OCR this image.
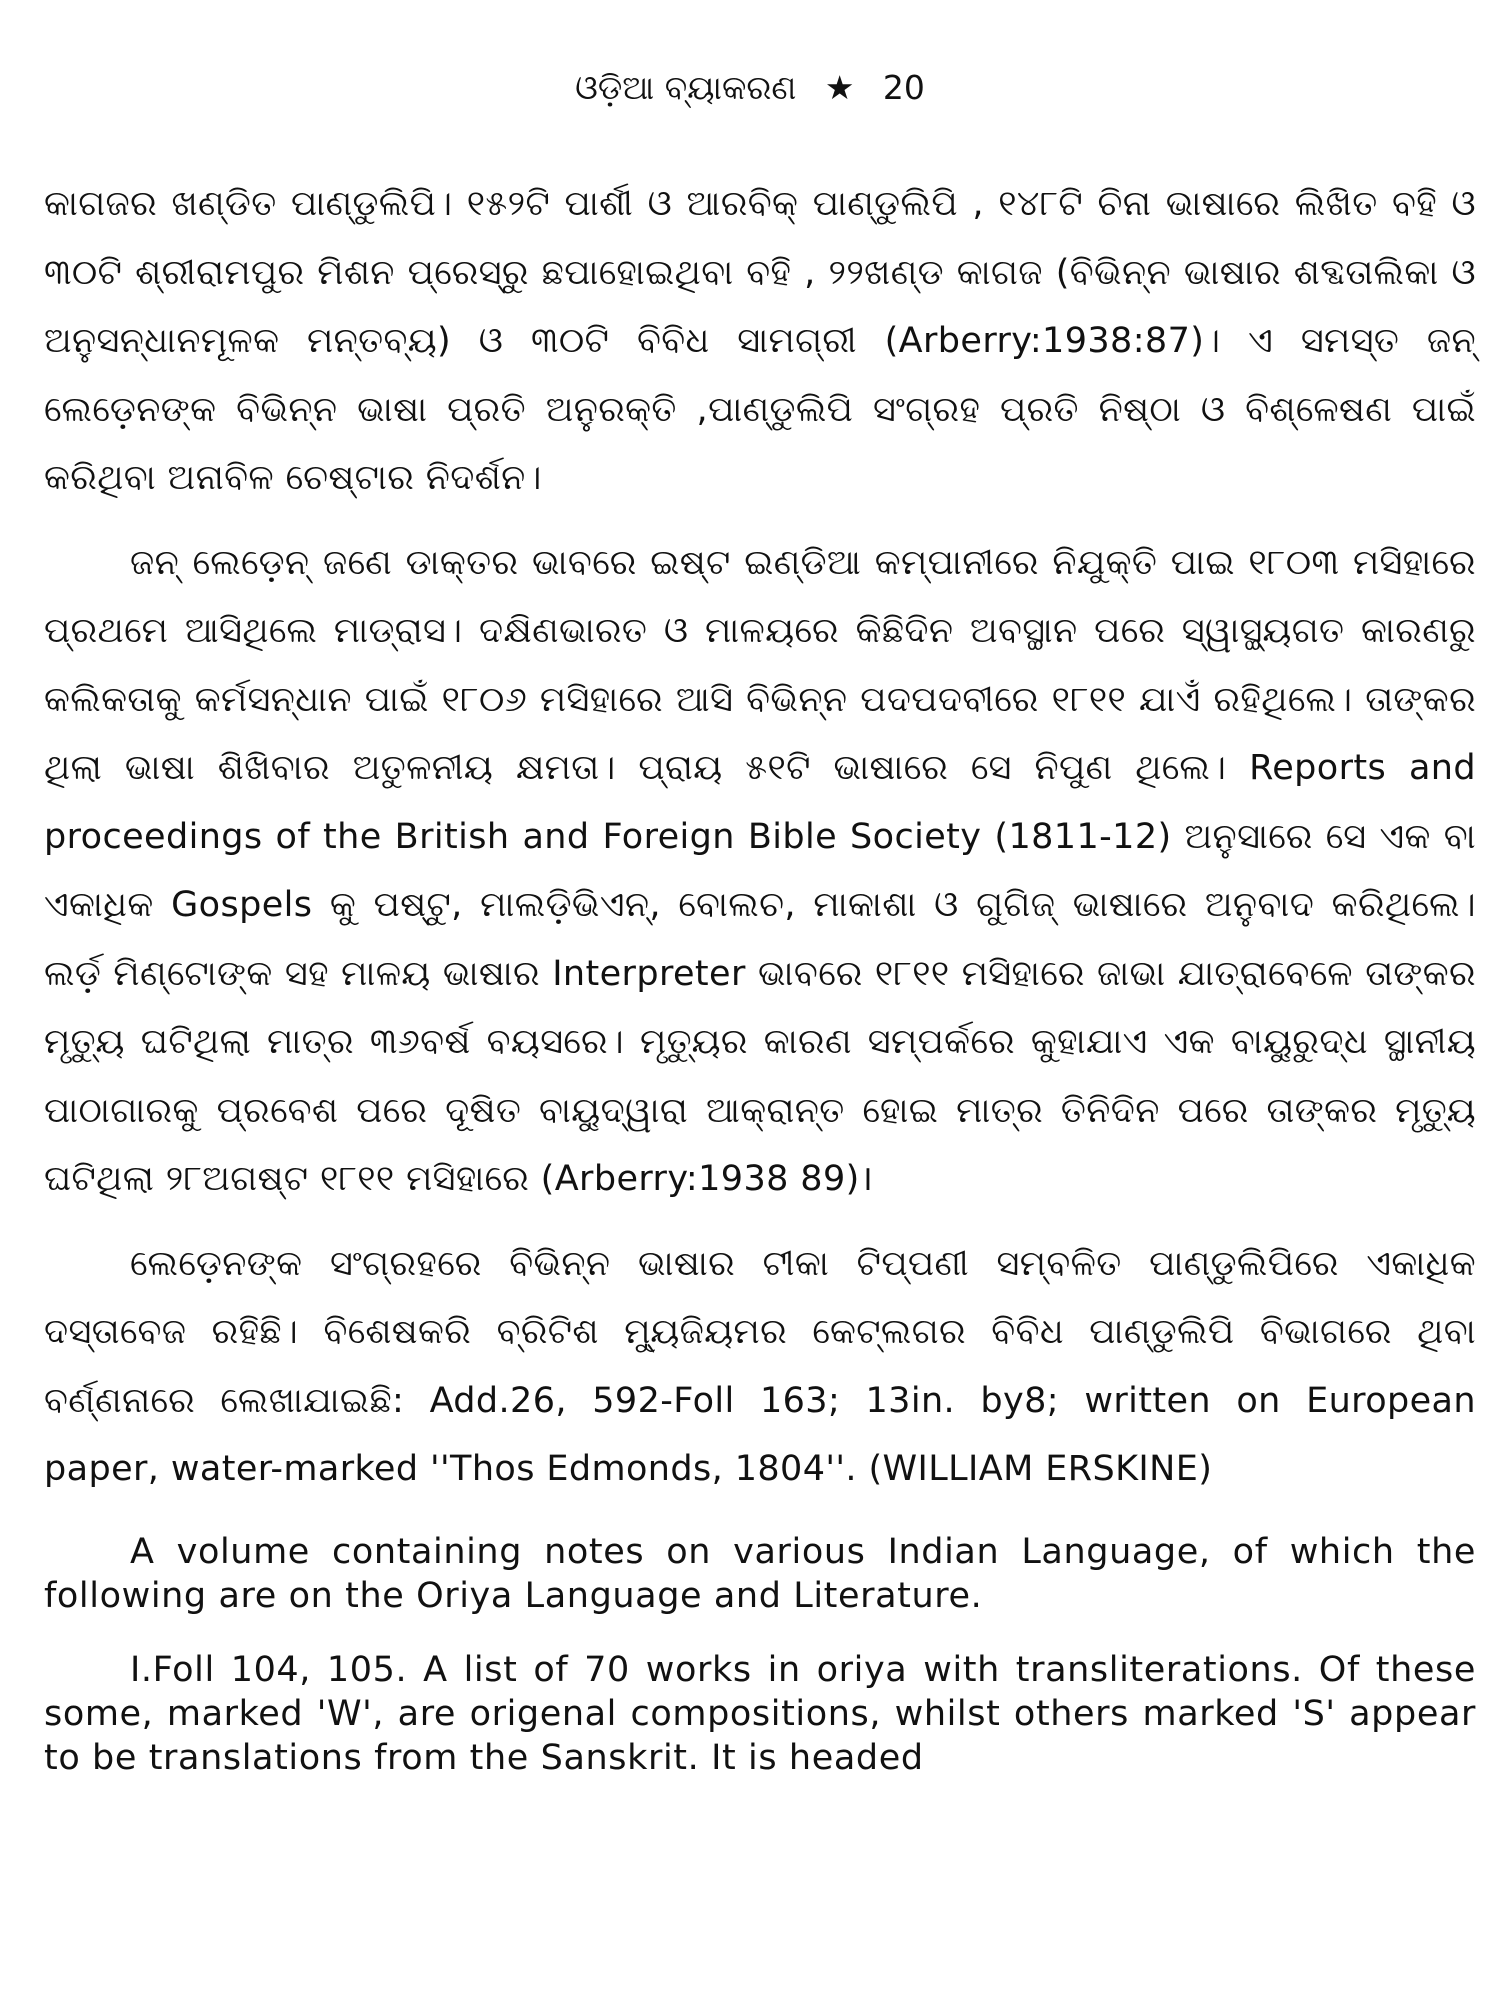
ଓଡ଼ିଆ ବ୍ୟାକରଣ ★ 20

କାଗଜର ଖଣ୍ଡିତ ପାଣ୍ଡୁଲିପି। ୧୫୨ଟି ପାର୍ଶୀ ଓ ଆରବିକ୍ ପାଣ୍ଡୁଲିପି , ୧୪୮ଟି ଚିନା ଭାଷାରେ ଲିଖିତ ବହି ଓ ୩୦ଟି ଶ୍ରୀରାମପୁର ମିଶନ ପ୍ରେସ୍‌ରୁ ଛପାହୋଇଥିବା ବହି , ୨୨ଖଣ୍ଡ କାଗଜ (ବିଭିନ୍ନ ଭାଷାର ଶବ୍ଦତାଲିକା ଓ ଅନୁସନ୍ଧାନମୂଳକ ମନ୍ତବ୍ୟ) ଓ ୩୦ଟି ବିବିଧ ସାମଗ୍ରୀ (Arberry:1938:87)। ଏ ସମସ୍ତ ଜନ୍ ଲେଡ଼େନଙ୍କ ବିଭିନ୍ନ ଭାଷା ପ୍ରତି ଅନୁରକ୍ତି ,ପାଣ୍ଡୁଲିପି ସଂଗ୍ରହ ପ୍ରତି ନିଷ୍ଠା ଓ ବିଶ୍ଳେଷଣ ପାଇଁ କରିଥିବା ଅନାବିଳ ଚେଷ୍ଟାର ନିଦର୍ଶନ।

ଜନ୍ ଲେଡ଼େନ୍ ଜଣେ ଡାକ୍ତର ଭାବରେ ଇଷ୍ଟ ଇଣ୍ଡିଆ କମ୍ପାନୀରେ ନିଯୁକ୍ତି ପାଇ ୧୮୦୩ ମସିହାରେ ପ୍ରଥମେ ଆସିଥିଲେ ମାଡ୍ରାସ। ଦକ୍ଷିଣଭାରତ ଓ ମାଳୟରେ କିଛିଦିନ ଅବସ୍ଥାନ ପରେ ସ୍ୱାସ୍ଥ୍ୟଗତ କାରଣରୁ କଲିକତାକୁ କର୍ମସନ୍ଧାନ ପାଇଁ ୧୮୦୬ ମସିହାରେ ଆସି ବିଭିନ୍ନ ପଦପଦବୀରେ ୧୮୧୧ ଯାଏଁ ରହିଥିଲେ। ତାଙ୍କର ଥିଲା ଭାଷା ଶିଖିବାର ଅତୁଳନୀୟ କ୍ଷମତା। ପ୍ରାୟ ୫୧ଟି ଭାଷାରେ ସେ ନିପୁଣ ଥିଲେ। Reports and proceedings of the British and Foreign Bible Society (1811-12) ଅନୁସାରେ ସେ ଏକ ବା ଏକାଧିକ Gospels କୁ ପଷ୍ଟୁ, ମାଲଡ଼ିଭିଏନ୍, ବୋଲଚ, ମାକାଶା ଓ ଗୁଗିଜ୍ ଭାଷାରେ ଅନୁବାଦ କରିଥିଲେ। ଲର୍ଡ଼ ମିଣ୍ଟୋଙ୍କ ସହ ମାଳୟ ଭାଷାର Interpreter ଭାବରେ ୧୮୧୧ ମସିହାରେ ଜାଭା ଯାତ୍ରାବେଳେ ତାଙ୍କର ମୃତ୍ୟୁ ଘଟିଥିଲା ମାତ୍ର ୩୬ବର୍ଷ ବୟସରେ। ମୃତ୍ୟୁର କାରଣ ସମ୍ପର୍କରେ କୁହାଯାଏ ଏକ ବାୟୁରୁଦ୍ଧ ସ୍ଥାନୀୟ ପାଠାଗାରକୁ ପ୍ରବେଶ ପରେ ଦୂଷିତ ବାୟୁଦ୍ୱାରା ଆକ୍ରାନ୍ତ ହୋଇ ମାତ୍ର ତିନିଦିନ ପରେ ତାଙ୍କର ମୃତ୍ୟୁ ଘଟିଥିଲା ୨୮ଅଗଷ୍ଟ ୧୮୧୧ ମସିହାରେ (Arberry:1938 89)।

ଲେଡ଼େନଙ୍କ ସଂଗ୍ରହରେ ବିଭିନ୍ନ ଭାଷାର ଟୀକା ଟିପ୍ପଣୀ ସମ୍ବଳିତ ପାଣ୍ଡୁଲିପିରେ ଏକାଧିକ ଦସ୍ତାବେଜ ରହିଛି। ବିଶେଷକରି ବ୍ରିଟିଶ ମ୍ୟୁଜିୟମର କେଟ୍‌ଲଗର ବିବିଧ ପାଣ୍ଡୁଲିପି ବିଭାଗରେ ଥିବା ବର୍ଣ୍ଣନାରେ ଲେଖାଯାଇଛି: Add.26, 592-Foll 163; 13in. by8; written on European paper, water-marked ''Thos Edmonds, 1804''. (WILLIAM ERSKINE)

A volume containing notes on various Indian Language, of which the following are on the Oriya Language and Literature.

I.Foll 104, 105. A list of 70 works in oriya with transliterations. Of these some, marked 'W', are origenal compositions, whilst others marked 'S' appear to be translations from the Sanskrit. It is headed
